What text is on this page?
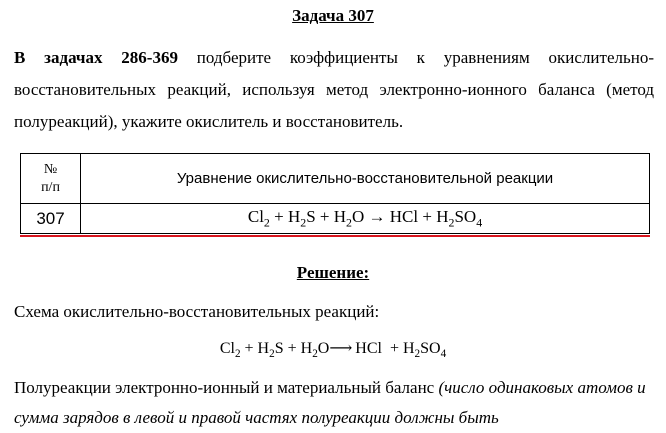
Задача 307
В задачах 286-369 подберите коэффициенты к уравнениям окислительно-восстановительных реакций, используя метод электронно-ионного баланса (метод полуреакций), укажите окислитель и восстановитель.
№
п/п	Уравнение окислительно-восстановительной реакции
307	$Cl_2 + H_2S + H_2O$ → HCl + $H_2SO_4$
Решение:
Схема окислительно-восстановительных реакций:
$Cl_2 + H_2S$ + $H_2O⟶$ HCl  + $H_2SO_4$
Полуреакции электронно-ионный и материальный баланс (число одинаковых атомов и сумма зарядов в левой и правой частях полуреакции должны быть
